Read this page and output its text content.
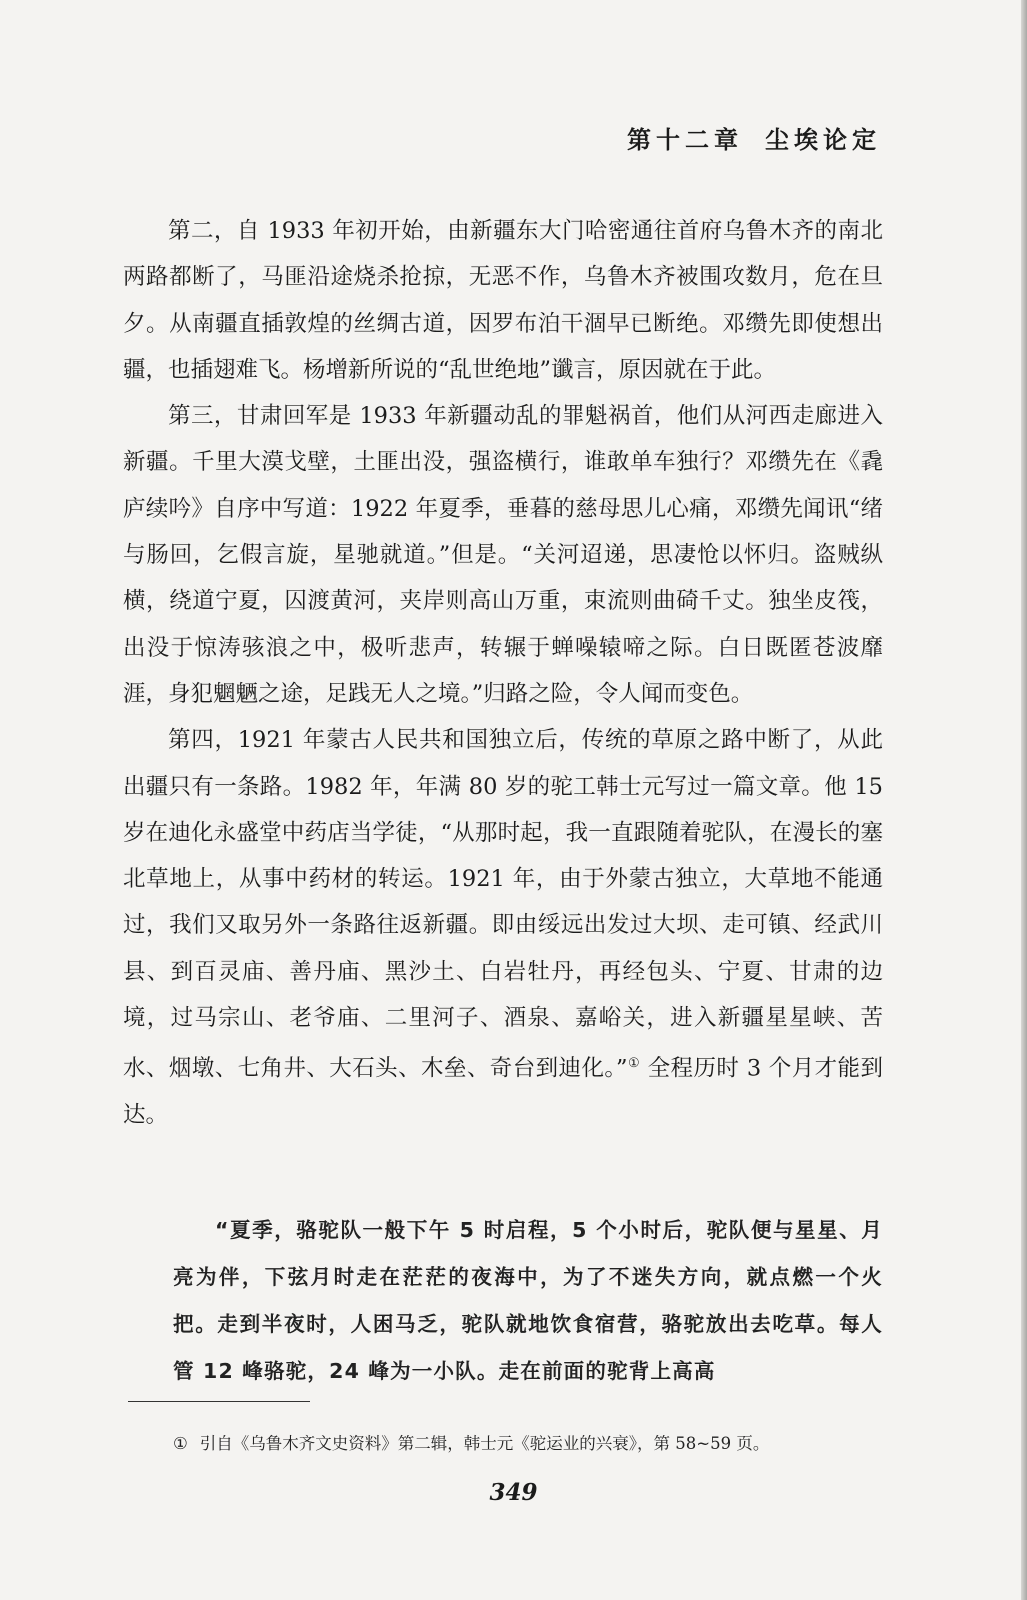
第十二章 尘埃论定

第二，自 1933 年初开始，由新疆东大门哈密通往首府乌鲁木齐的南北两路都断了，马匪沿途烧杀抢掠，无恶不作，乌鲁木齐被围攻数月，危在旦夕。从南疆直插敦煌的丝绸古道，因罗布泊干涸早已断绝。邓缵先即使想出疆，也插翅难飞。杨增新所说的“乱世绝地”谶言，原因就在于此。

第三，甘肃回军是 1933 年新疆动乱的罪魁祸首，他们从河西走廊进入新疆。千里大漠戈壁，土匪出没，强盗横行，谁敢单车独行？邓缵先在《毳庐续吟》自序中写道：1922 年夏季，垂暮的慈母思儿心痛，邓缵先闻讯“绪与肠回，乞假言旋，星驰就道。”但是。“关河迢递，思凄怆以怀归。盗贼纵横，绕道宁夏，囚渡黄河，夹岸则高山万重，束流则曲碕千丈。独坐皮筏，出没于惊涛骇浪之中，极听悲声，转辗于蝉噪辕啼之际。白日既匿苍波靡涯，身犯魍魉之途，足践无人之境。”归路之险，令人闻而变色。

第四，1921 年蒙古人民共和国独立后，传统的草原之路中断了，从此出疆只有一条路。1982 年，年满 80 岁的驼工韩士元写过一篇文章。他 15 岁在迪化永盛堂中药店当学徒，“从那时起，我一直跟随着驼队，在漫长的塞北草地上，从事中药材的转运。1921 年，由于外蒙古独立，大草地不能通过，我们又取另外一条路往返新疆。即由绥远出发过大坝、走可镇、经武川县、到百灵庙、善丹庙、黑沙土、白岩牡丹，再经包头、宁夏、甘肃的边境，过马宗山、老爷庙、二里河子、酒泉、嘉峪关，进入新疆星星峡、苦水、烟墩、七角井、大石头、木垒、奇台到迪化。”① 全程历时 3 个月才能到达。

“夏季，骆驼队一般下午 5 时启程，5 个小时后，驼队便与星星、月亮为伴，下弦月时走在茫茫的夜海中，为了不迷失方向，就点燃一个火把。走到半夜时，人困马乏，驼队就地饮食宿营，骆驼放出去吃草。每人管 12 峰骆驼，24 峰为一小队。走在前面的驼背上高高

① 引自《乌鲁木齐文史资料》第二辑，韩士元《驼运业的兴衰》，第 58~59 页。
349
